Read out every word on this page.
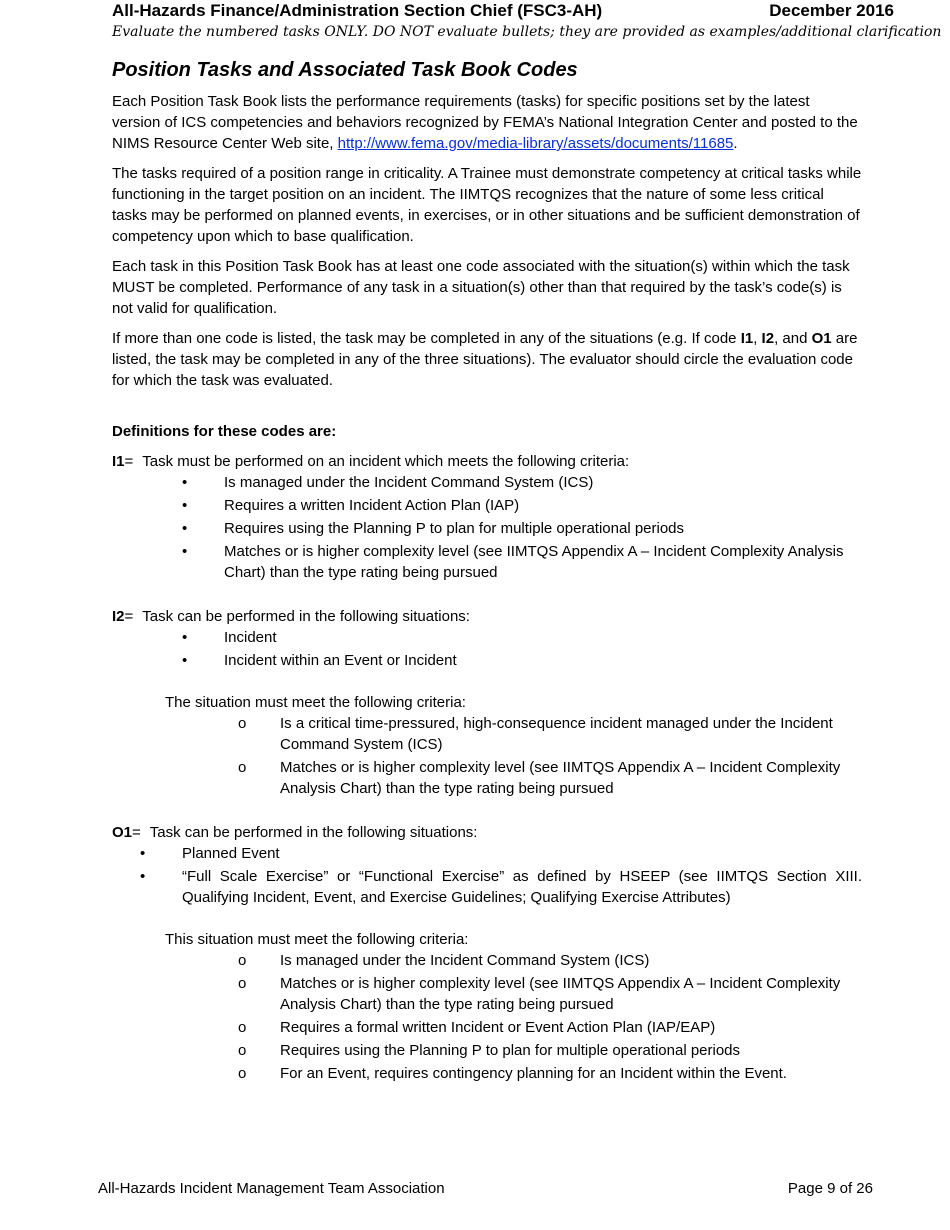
All-Hazards Finance/Administration Section Chief (FSC3-AH)	December 2016
Evaluate the numbered tasks ONLY. DO NOT evaluate bullets; they are provided as examples/additional clarification
Position Tasks and Associated Task Book Codes

Each Position Task Book lists the performance requirements (tasks) for specific positions set by the latest version of ICS competencies and behaviors recognized by FEMA’s National Integration Center and posted to the NIMS Resource Center Web site, http://www.fema.gov/media-library/assets/documents/11685.

The tasks required of a position range in criticality. A Trainee must demonstrate competency at critical tasks while functioning in the target position on an incident. The IIMTQS recognizes that the nature of some less critical tasks may be performed on planned events, in exercises, or in other situations and be sufficient demonstration of competency upon which to base qualification.

Each task in this Position Task Book has at least one code associated with the situation(s) within which the task MUST be completed. Performance of any task in a situation(s) other than that required by the task’s code(s) is not valid for qualification.

If more than one code is listed, the task may be completed in any of the situations (e.g. If code I1, I2, and O1 are listed, the task may be completed in any of the three situations). The evaluator should circle the evaluation code for which the task was evaluated.

Definitions for these codes are:
I1 = Task must be performed on an incident which meets the following criteria:
•	Is managed under the Incident Command System (ICS)
•	Requires a written Incident Action Plan (IAP)
•	Requires using the Planning P to plan for multiple operational periods
•	Matches or is higher complexity level (see IIMTQS Appendix A – Incident Complexity Analysis Chart) than the type rating being pursued
I2 = Task can be performed in the following situations:
•	Incident
•	Incident within an Event or Incident

The situation must meet the following criteria:

o	Is a critical time-pressured, high-consequence incident managed under the Incident Command System (ICS)
o	Matches or is higher complexity level (see IIMTQS Appendix A – Incident Complexity Analysis Chart) than the type rating being pursued
O1 = Task can be performed in the following situations:
•	Planned Event
•	“Full Scale Exercise” or “Functional Exercise” as defined by HSEEP (see IIMTQS Section XIII. Qualifying Incident, Event, and Exercise Guidelines; Qualifying Exercise Attributes)

This situation must meet the following criteria:

o	Is managed under the Incident Command System (ICS)
o	Matches or is higher complexity level (see IIMTQS Appendix A – Incident Complexity Analysis Chart) than the type rating being pursued
o	Requires a formal written Incident or Event Action Plan (IAP/EAP)
o	Requires using the Planning P to plan for multiple operational periods
o	For an Event, requires contingency planning for an Incident within the Event.
All-Hazards Incident Management Team Association	Page 9 of 26
